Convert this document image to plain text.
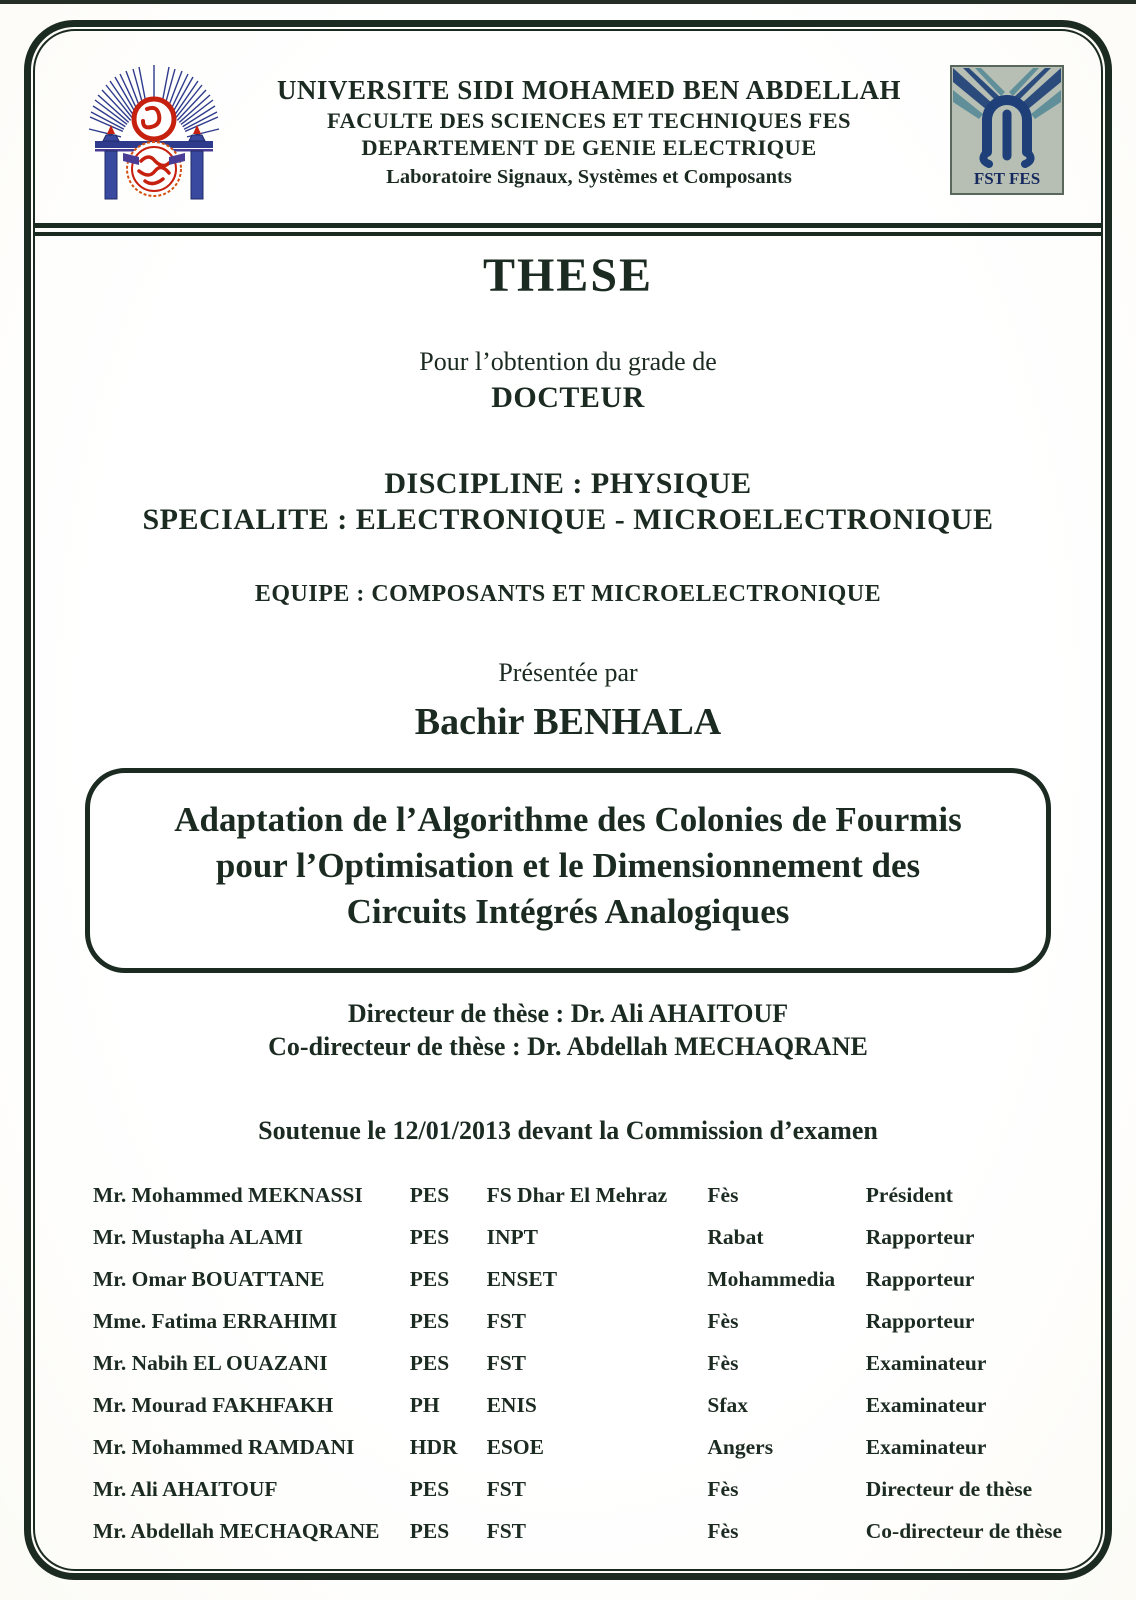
UNIVERSITE SIDI MOHAMED BEN ABDELLAH
FACULTE DES SCIENCES ET TECHNIQUES FES
DEPARTEMENT DE GENIE ELECTRIQUE
Laboratoire Signaux, Systèmes et Composants	FST FES
THESE

Pour l’obtention du grade de

DOCTEUR

DISCIPLINE : PHYSIQUE

SPECIALITE : ELECTRONIQUE - MICROELECTRONIQUE

EQUIPE : COMPOSANTS ET MICROELECTRONIQUE

Présentée par

Bachir BENHALA

Adaptation de l’Algorithme des Colonies de Fourmis

pour l’Optimisation et le Dimensionnement des

Circuits Intégrés Analogiques

Directeur de thèse : Dr. Ali AHAITOUF

Co-directeur de thèse : Dr. Abdellah MECHAQRANE

Soutenue le 12/01/2013 devant la Commission d’examen

Mr. Mohammed MEKNASSI	PES	FS Dhar El Mehraz	Fès	Président
Mr. Mustapha ALAMI	PES	INPT	Rabat	Rapporteur
Mr. Omar BOUATTANE	PES	ENSET	Mohammedia	Rapporteur
Mme. Fatima ERRAHIMI	PES	FST	Fès	Rapporteur
Mr. Nabih EL OUAZANI	PES	FST	Fès	Examinateur
Mr. Mourad FAKHFAKH	PH	ENIS	Sfax	Examinateur
Mr. Mohammed RAMDANI	HDR	ESOE	Angers	Examinateur
Mr. Ali AHAITOUF	PES	FST	Fès	Directeur de thèse
Mr. Abdellah MECHAQRANE	PES	FST	Fès	Co-directeur de thèse
